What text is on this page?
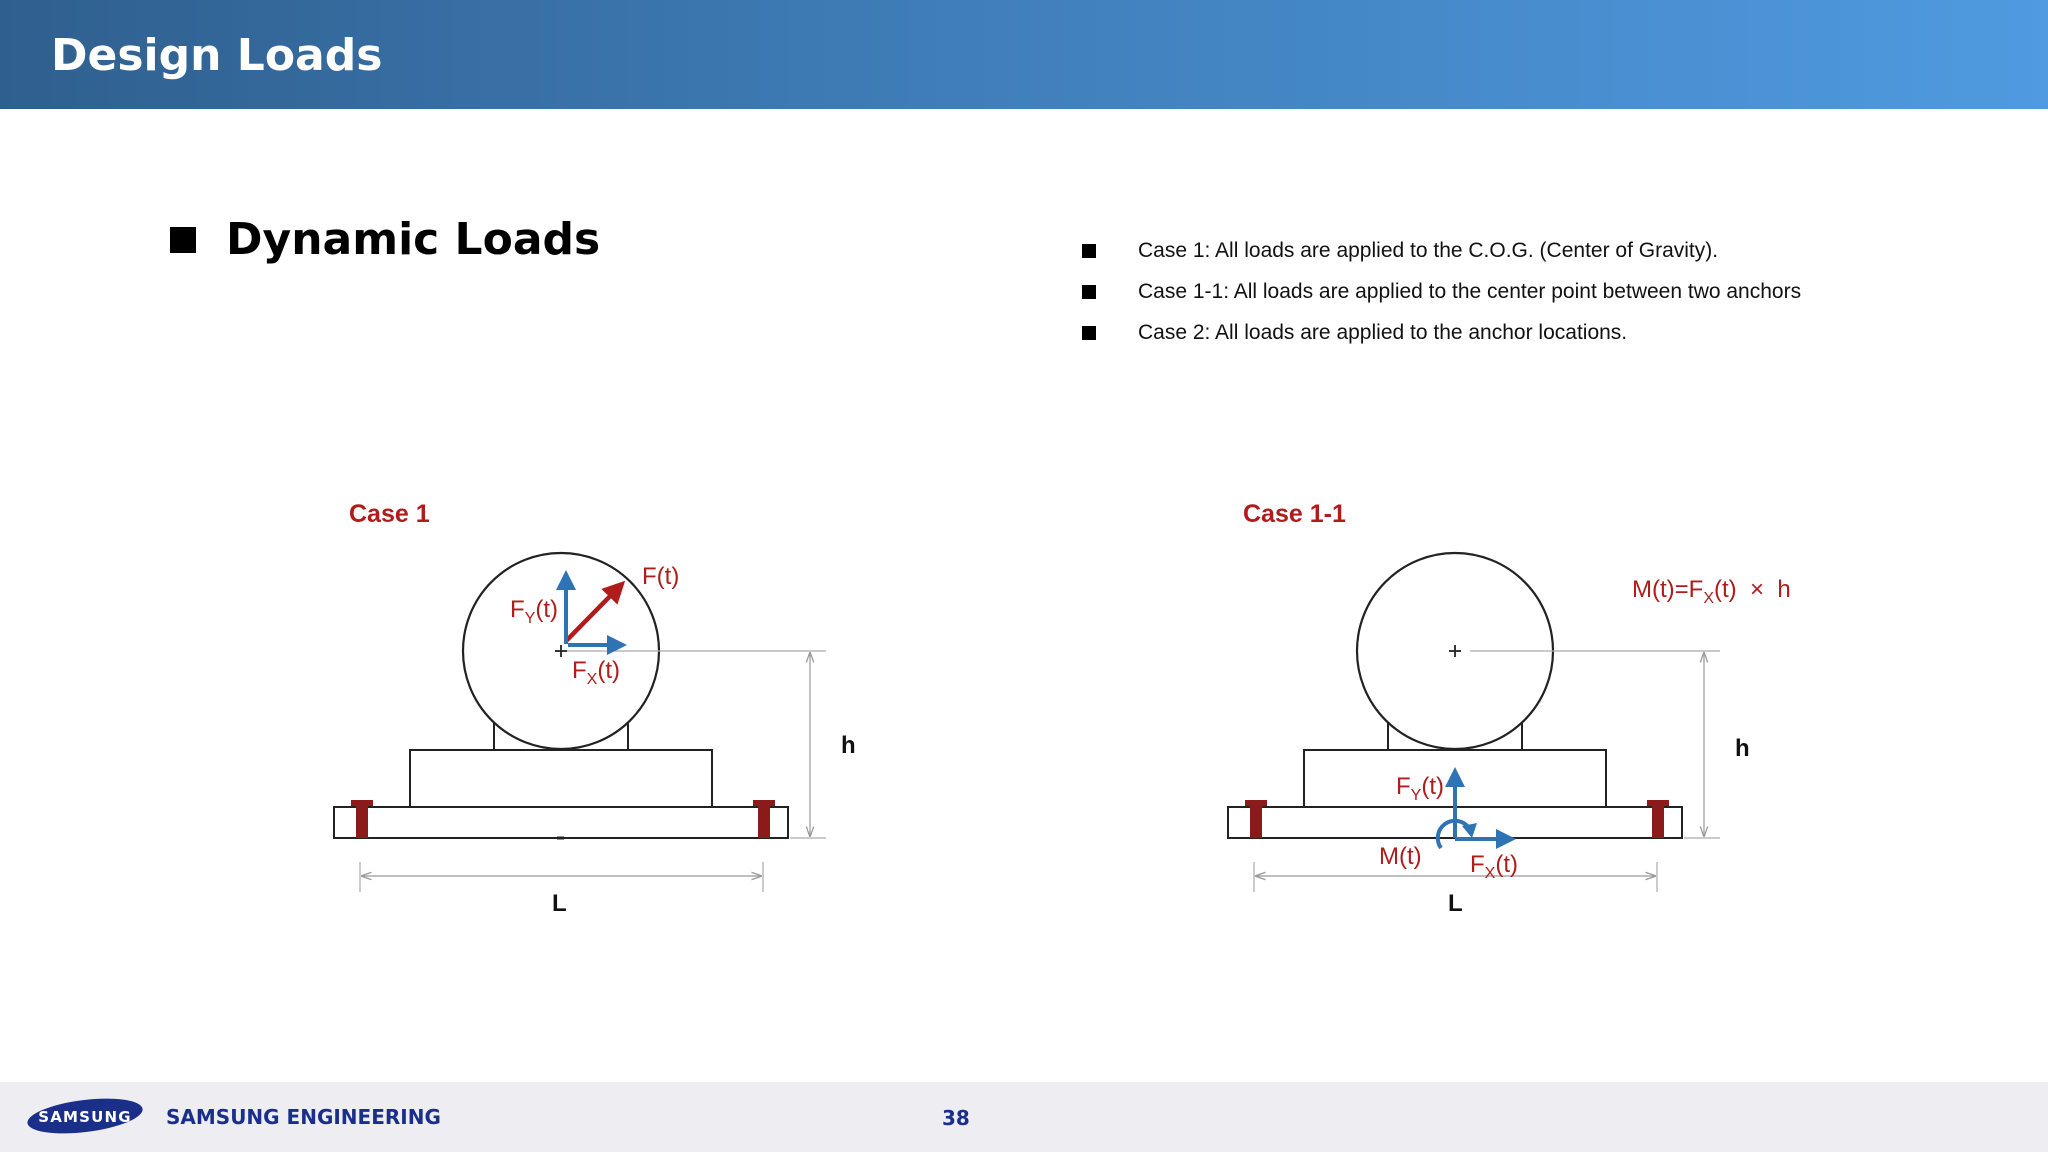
Design Loads
Dynamic Loads	Case 1: All loads are applied to the C.O.G. (Center of Gravity).
Case 1-1: All loads are applied to the center point between two anchors
Case 2: All loads are applied to the anchor locations.
Case 1
h
L
F(t)
$F_Y(t)$
$F_X(t)$
Case 1-1
$M(t)=F_X(t) \times h$
h
L
$F_Y(t)$
M(t) $F_X(t)$
SAMSUNG SAMSUNG ENGINEERING	38
